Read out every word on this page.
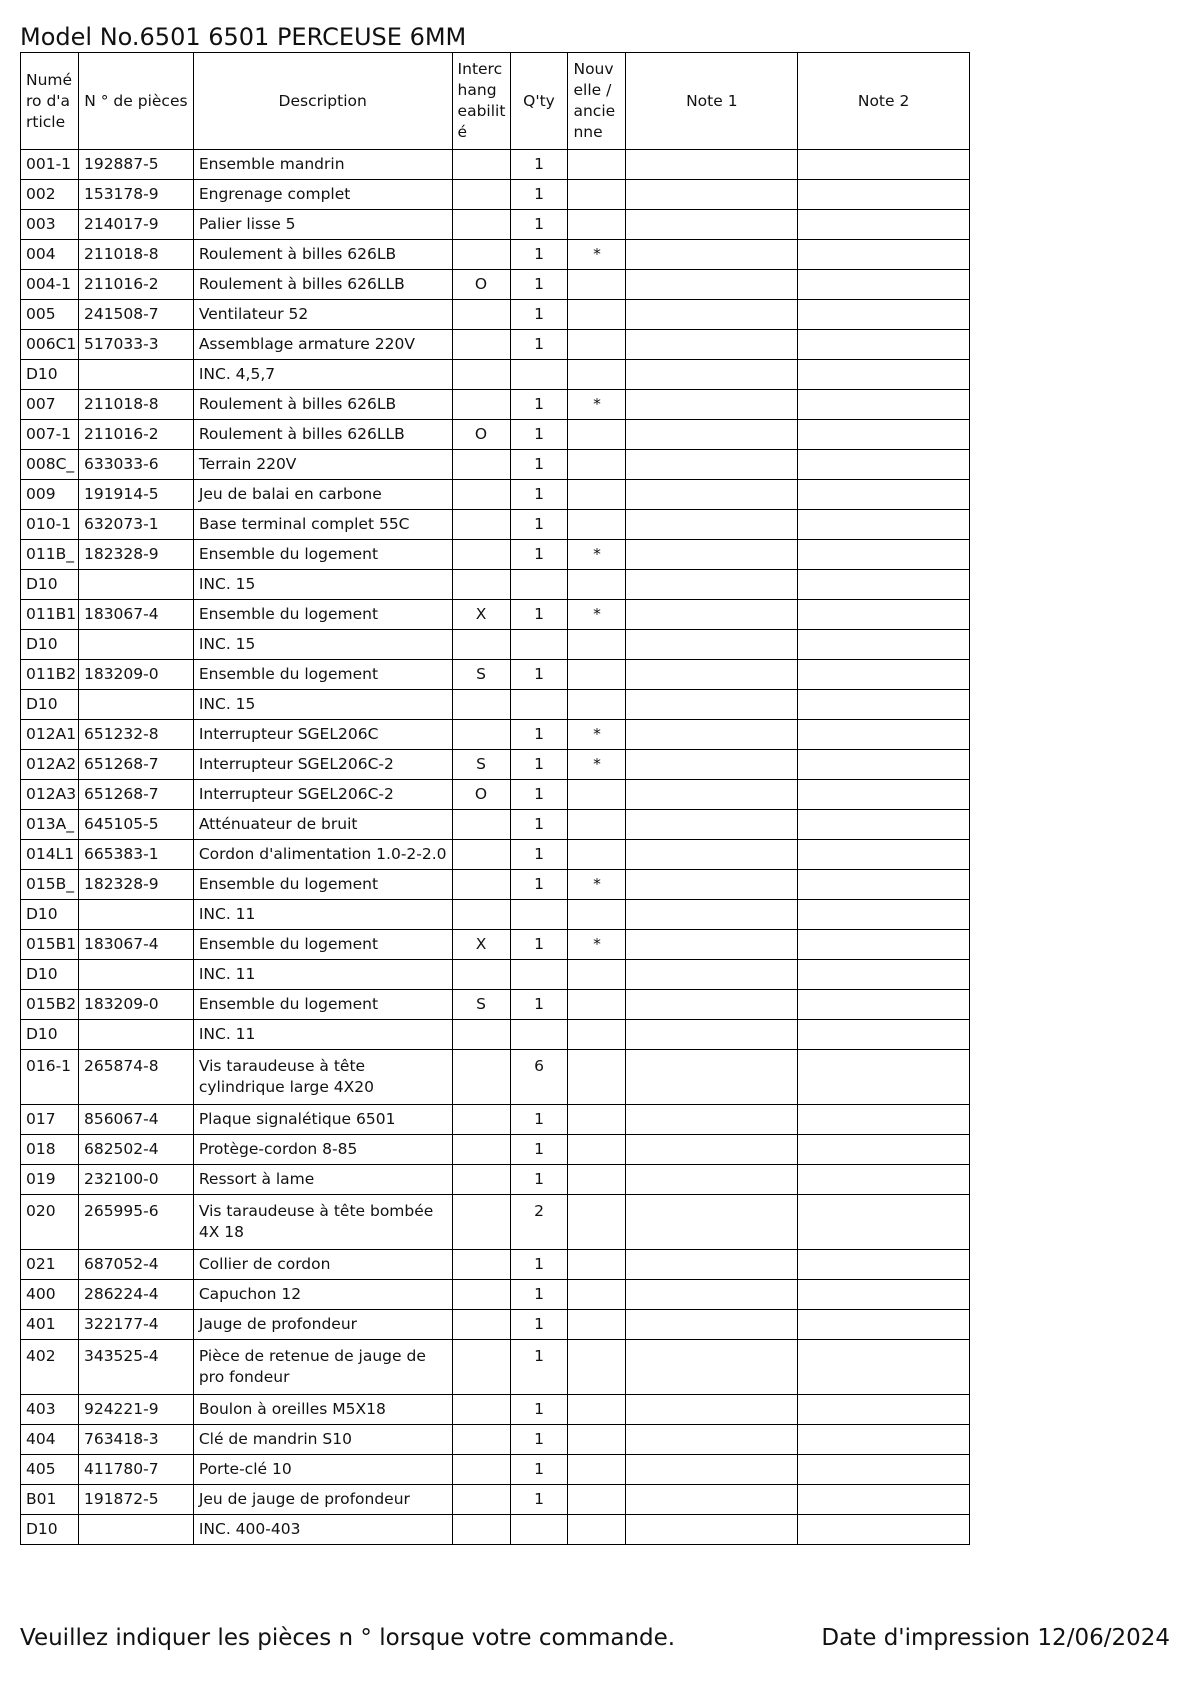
Model No.6501 6501 PERCEUSE 6MM
Numé ro d'a rticle	N ° de pièces	Description	Interc hang eabilit é	Q'ty	Nouv elle / ancie nne	Note 1	Note 2
001-1	192887-5	Ensemble mandrin		1			
002	153178-9	Engrenage complet		1			
003	214017-9	Palier lisse 5		1			
004	211018-8	Roulement à billes 626LB		1	*		
004-1	211016-2	Roulement à billes 626LLB	O	1			
005	241508-7	Ventilateur 52		1			
006C1	517033-3	Assemblage armature 220V		1			
D10		INC. 4,5,7					
007	211018-8	Roulement à billes 626LB		1	*		
007-1	211016-2	Roulement à billes 626LLB	O	1			
008C_	633033-6	Terrain 220V		1			
009	191914-5	Jeu de balai en carbone		1			
010-1	632073-1	Base terminal complet 55C		1			
011B_	182328-9	Ensemble du logement		1	*		
D10		INC. 15					
011B1	183067-4	Ensemble du logement	X	1	*		
D10		INC. 15					
011B2	183209-0	Ensemble du logement	S	1			
D10		INC. 15					
012A1	651232-8	Interrupteur SGEL206C		1	*		
012A2	651268-7	Interrupteur SGEL206C-2	S	1	*		
012A3	651268-7	Interrupteur SGEL206C-2	O	1			
013A_	645105-5	Atténuateur de bruit		1			
014L1	665383-1	Cordon d'alimentation 1.0-2-2.0		1			
015B_	182328-9	Ensemble du logement		1	*		
D10		INC. 11					
015B1	183067-4	Ensemble du logement	X	1	*		
D10		INC. 11					
015B2	183209-0	Ensemble du logement	S	1			
D10		INC. 11					
016-1	265874-8	Vis taraudeuse à tête cylindrique large 4X20		6			
017	856067-4	Plaque signalétique 6501		1			
018	682502-4	Protège-cordon 8-85		1			
019	232100-0	Ressort à lame		1			
020	265995-6	Vis taraudeuse à tête bombée 4X 18		2			
021	687052-4	Collier de cordon		1			
400	286224-4	Capuchon 12		1			
401	322177-4	Jauge de profondeur		1			
402	343525-4	Pièce de retenue de jauge de pro fondeur		1			
403	924221-9	Boulon à oreilles M5X18		1			
404	763418-3	Clé de mandrin S10		1			
405	411780-7	Porte-clé 10		1			
B01	191872-5	Jeu de jauge de profondeur		1			
D10		INC. 400-403					
Veuillez indiquer les pièces n ° lorsque votre commande.	Date d'impression 12/06/2024
